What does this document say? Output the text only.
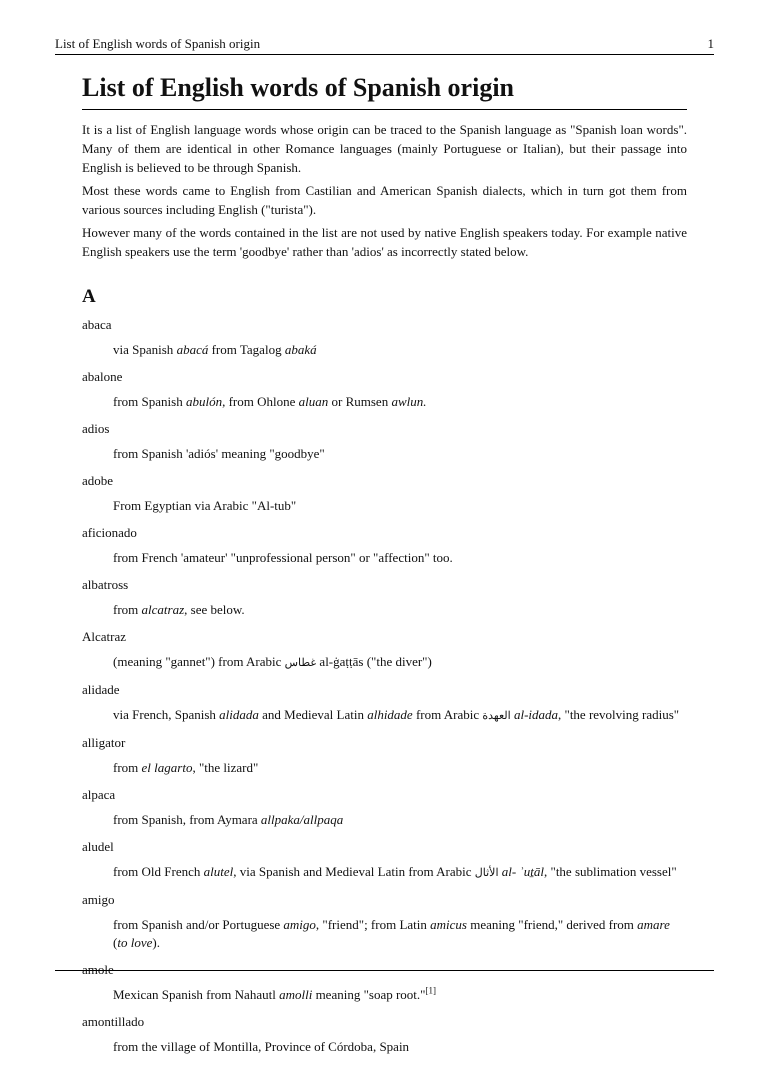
List of English words of Spanish origin	1
List of English words of Spanish origin

It is a list of English language words whose origin can be traced to the Spanish language as "Spanish loan words". Many of them are identical in other Romance languages (mainly Portuguese or Italian), but their passage into English is believed to be through Spanish.

Most these words came to English from Castilian and American Spanish dialects, which in turn got them from various sources including English ("turista").

However many of the words contained in the list are not used by native English speakers today. For example native English speakers use the term 'goodbye' rather than 'adios' as incorrectly stated below.

A
abaca
via Spanish abacá from Tagalog abaká
abalone
from Spanish abulón, from Ohlone aluan or Rumsen awlun.
adios
from Spanish 'adiós' meaning "goodbye"
adobe
From Egyptian via Arabic "Al-tub"
aficionado
from French 'amateur' "unprofessional person" or "affection" too.
albatross
from alcatraz, see below.
Alcatraz
(meaning "gannet") from Arabic غطاس al-ġaṭṭās ("the diver")
alidade
via French, Spanish alidada and Medieval Latin alhidade from Arabic العهدة al-idada, "the revolving radius"
alligator
from el lagarto, "the lizard"
alpaca
from Spanish, from Aymara allpaka/allpaqa
aludel
from Old French alutel, via Spanish and Medieval Latin from Arabic الأثال al- ʾuṯāl, "the sublimation vessel"
amigo
from Spanish and/or Portuguese amigo, "friend"; from Latin amicus meaning "friend," derived from amare (to love).
amole
Mexican Spanish from Nahautl amolli meaning "soap root."[1]
amontillado
from the village of Montilla, Province of Córdoba, Spain
